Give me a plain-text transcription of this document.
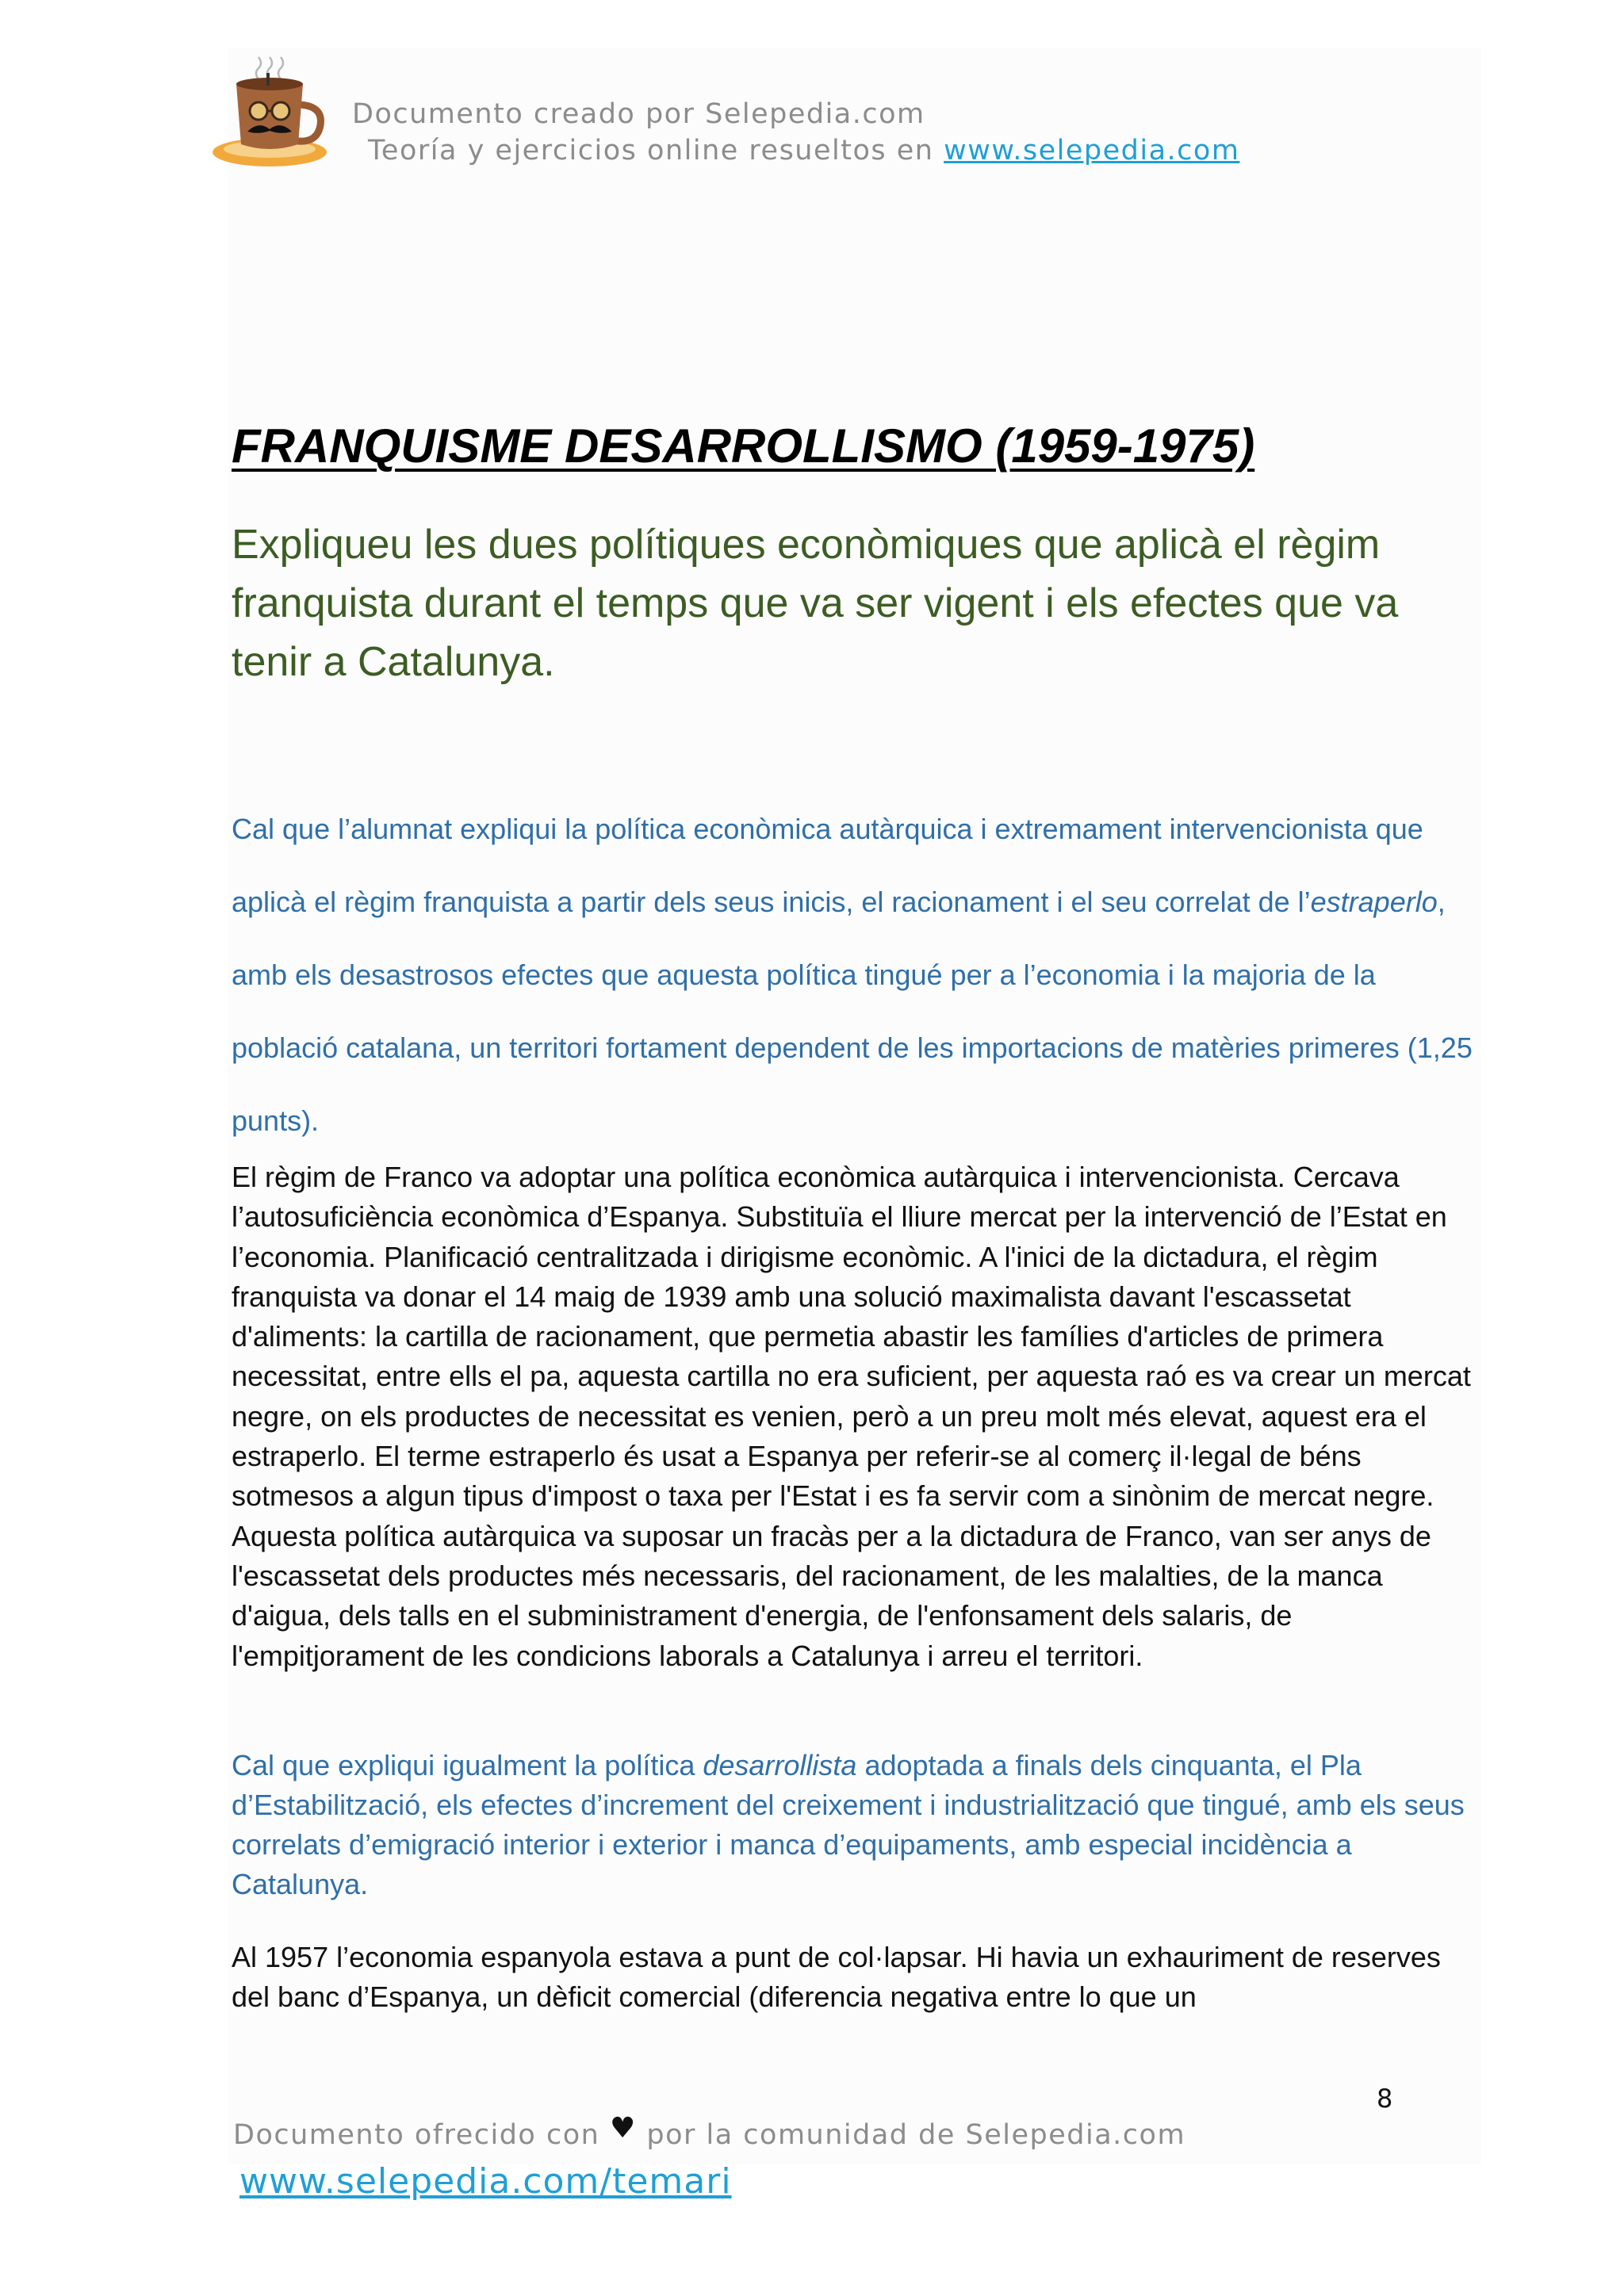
Documento creado por Selepedia.com
Teoría y ejercicios online resueltos en www.selepedia.com
FRANQUISME DESARROLLISMO (1959-1975)

Expliqueu les dues polítiques econòmiques que aplicà el règim franquista durant el temps que va ser vigent i els efectes que va tenir a Catalunya.

Cal que l’alumnat expliqui la política econòmica autàrquica i extremament intervencionista que aplicà el règim franquista a partir dels seus inicis, el racionament i el seu correlat de l’estraperlo, amb els desastrosos efectes que aquesta política tingué per a l’economia i la majoria de la població catalana, un territori fortament dependent de les importacions de matèries primeres (1,25 punts).

El règim de Franco va adoptar una política econòmica autàrquica i intervencionista. Cercava l’autosuficiència econòmica d’Espanya. Substituïa el lliure mercat per la intervenció de l’Estat en l’economia. Planificació centralitzada i dirigisme econòmic. A l'inici de la dictadura, el règim franquista va donar el 14 maig de 1939 amb una solució maximalista davant l'escassetat d'aliments: la cartilla de racionament, que permetia abastir les famílies d'articles de primera necessitat, entre ells el pa, aquesta cartilla no era suficient, per aquesta raó es va crear un mercat negre, on els productes de necessitat es venien, però a un preu molt més elevat, aquest era el estraperlo. El terme estraperlo és usat a Espanya per referir-se al comerç il·legal de béns sotmesos a algun tipus d'impost o taxa per l'Estat i es fa servir com a sinònim de mercat negre. Aquesta política autàrquica va suposar un fracàs per a la dictadura de Franco, van ser anys de l'escassetat dels productes més necessaris, del racionament, de les malalties, de la manca d'aigua, dels talls en el subministrament d'energia, de l'enfonsament dels salaris, de l'empitjorament de les condicions laborals a Catalunya i arreu el territori.

Cal que expliqui igualment la política desarrollista adoptada a finals dels cinquanta, el Pla d’Estabilització, els efectes d’increment del creixement i industrialització que tingué, amb els seus correlats d’emigració interior i exterior i manca d’equipaments, amb especial incidència a Catalunya.

Al 1957 l’economia espanyola estava a punt de col·lapsar. Hi havia un exhauriment de reserves del banc d’Espanya, un dèficit comercial (diferencia negativa entre lo que un

8
Documento ofrecido con ♥ por la comunidad de Selepedia.com
www.selepedia.com/temari
